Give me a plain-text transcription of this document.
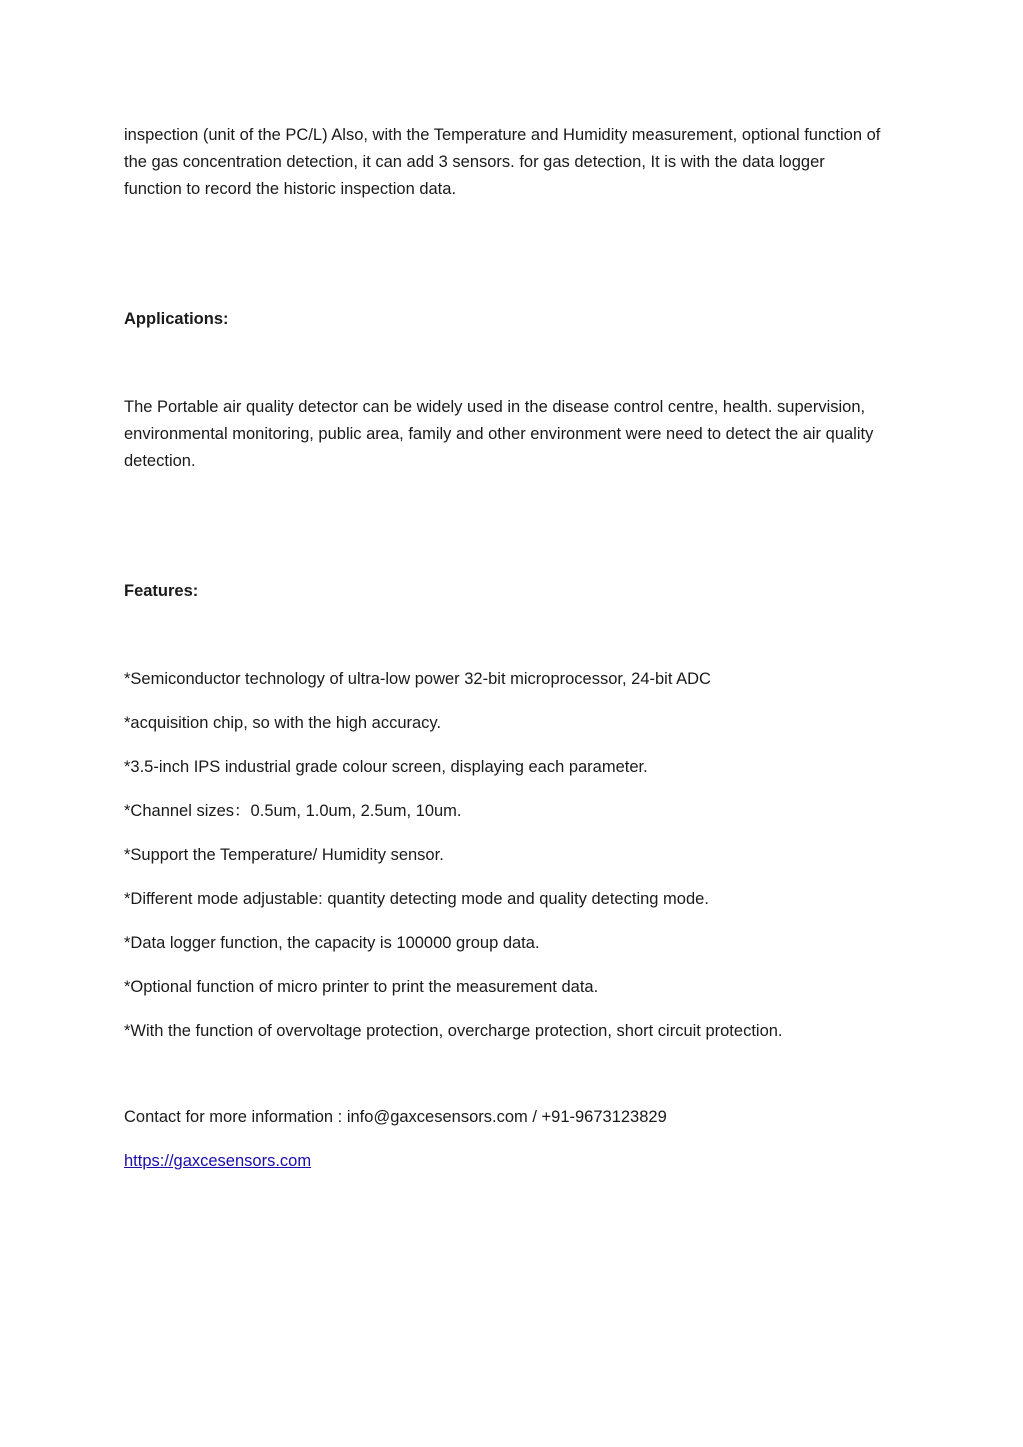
inspection (unit of the PC/L) Also, with the Temperature and Humidity measurement, optional function of the gas concentration detection, it can add 3 sensors. for gas detection, It is with the data logger function to record the historic inspection data.

Applications:

The Portable air quality detector can be widely used in the disease control centre, health. supervision, environmental monitoring, public area, family and other environment were need to detect the air quality detection.

Features:

*Semiconductor technology of ultra-low power 32-bit microprocessor, 24-bit ADC
*acquisition chip, so with the high accuracy.
*3.5-inch IPS industrial grade colour screen, displaying each parameter.
*Channel sizes：0.5um, 1.0um, 2.5um, 10um.
*Support the Temperature/ Humidity sensor.
*Different mode adjustable: quantity detecting mode and quality detecting mode.
*Data logger function, the capacity is 100000 group data.
*Optional function of micro printer to print the measurement data.
*With the function of overvoltage protection, overcharge protection, short circuit protection.

Contact for more information : info@gaxcesensors.com / +91-9673123829

https://gaxcesensors.com
